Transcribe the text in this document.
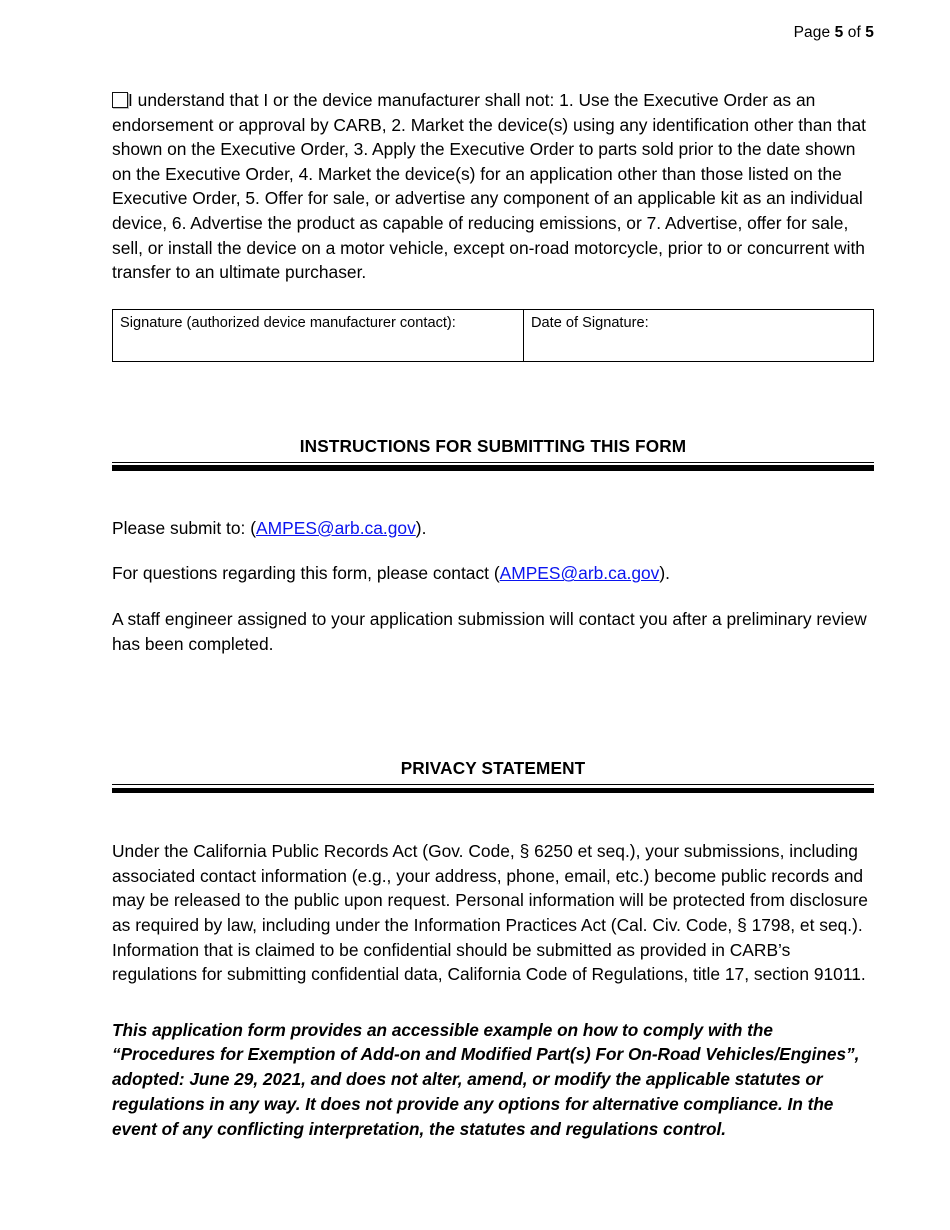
Page 5 of 5
I understand that I or the device manufacturer shall not: 1. Use the Executive Order as an endorsement or approval by CARB, 2. Market the device(s) using any identification other than that shown on the Executive Order, 3. Apply the Executive Order to parts sold prior to the date shown on the Executive Order, 4. Market the device(s) for an application other than those listed on the Executive Order, 5. Offer for sale, or advertise any component of an applicable kit as an individual device, 6. Advertise the product as capable of reducing emissions, or 7. Advertise, offer for sale, sell, or install the device on a motor vehicle, except on-road motorcycle, prior to or concurrent with transfer to an ultimate purchaser.
Signature (authorized device manufacturer contact):	Date of Signature:
INSTRUCTIONS FOR SUBMITTING THIS FORM
Please submit to: (AMPES@arb.ca.gov).
For questions regarding this form, please contact (AMPES@arb.ca.gov).
A staff engineer assigned to your application submission will contact you after a preliminary review has been completed.
PRIVACY STATEMENT
Under the California Public Records Act (Gov. Code, § 6250 et seq.), your submissions, including associated contact information (e.g., your address, phone, email, etc.) become public records and may be released to the public upon request. Personal information will be protected from disclosure as required by law, including under the Information Practices Act (Cal. Civ. Code, § 1798, et seq.). Information that is claimed to be confidential should be submitted as provided in CARB’s regulations for submitting confidential data, California Code of Regulations, title 17, section 91011.
This application form provides an accessible example on how to comply with the “Procedures for Exemption of Add-on and Modified Part(s) For On-Road Vehicles/Engines”, adopted: June 29, 2021, and does not alter, amend, or modify the applicable statutes or regulations in any way. It does not provide any options for alternative compliance. In the event of any conflicting interpretation, the statutes and regulations control.
